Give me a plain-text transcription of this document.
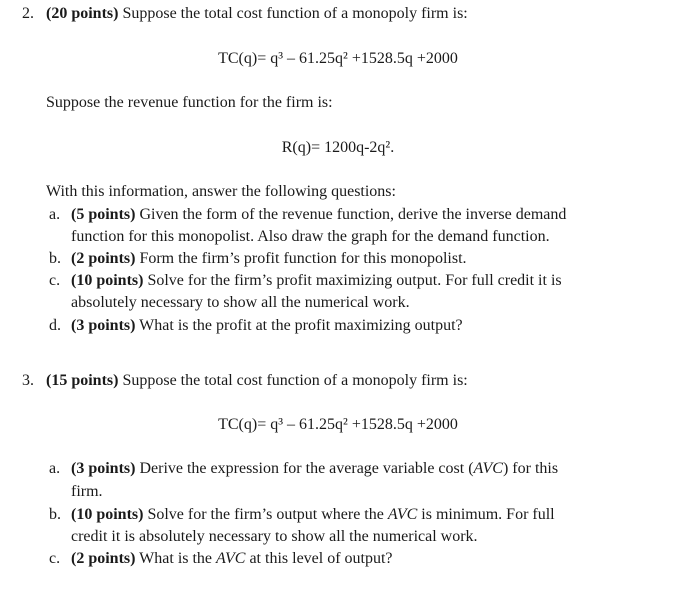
2. (20 points) Suppose the total cost function of a monopoly firm is:
TC(q)= q³ – 61.25q² +1528.5q +2000
Suppose the revenue function for the firm is:
R(q)= 1200q-2q².
With this information, answer the following questions:
a. (5 points) Given the form of the revenue function, derive the inverse demand
function for this monopolist. Also draw the graph for the demand function.
b. (2 points) Form the firm’s profit function for this monopolist.
c. (10 points) Solve for the firm’s profit maximizing output. For full credit it is
absolutely necessary to show all the numerical work.
d. (3 points) What is the profit at the profit maximizing output?
3. (15 points) Suppose the total cost function of a monopoly firm is:
TC(q)= q³ – 61.25q² +1528.5q +2000
a. (3 points) Derive the expression for the average variable cost (AVC) for this
firm.
b. (10 points) Solve for the firm’s output where the AVC is minimum. For full
credit it is absolutely necessary to show all the numerical work.
c. (2 points) What is the AVC at this level of output?
